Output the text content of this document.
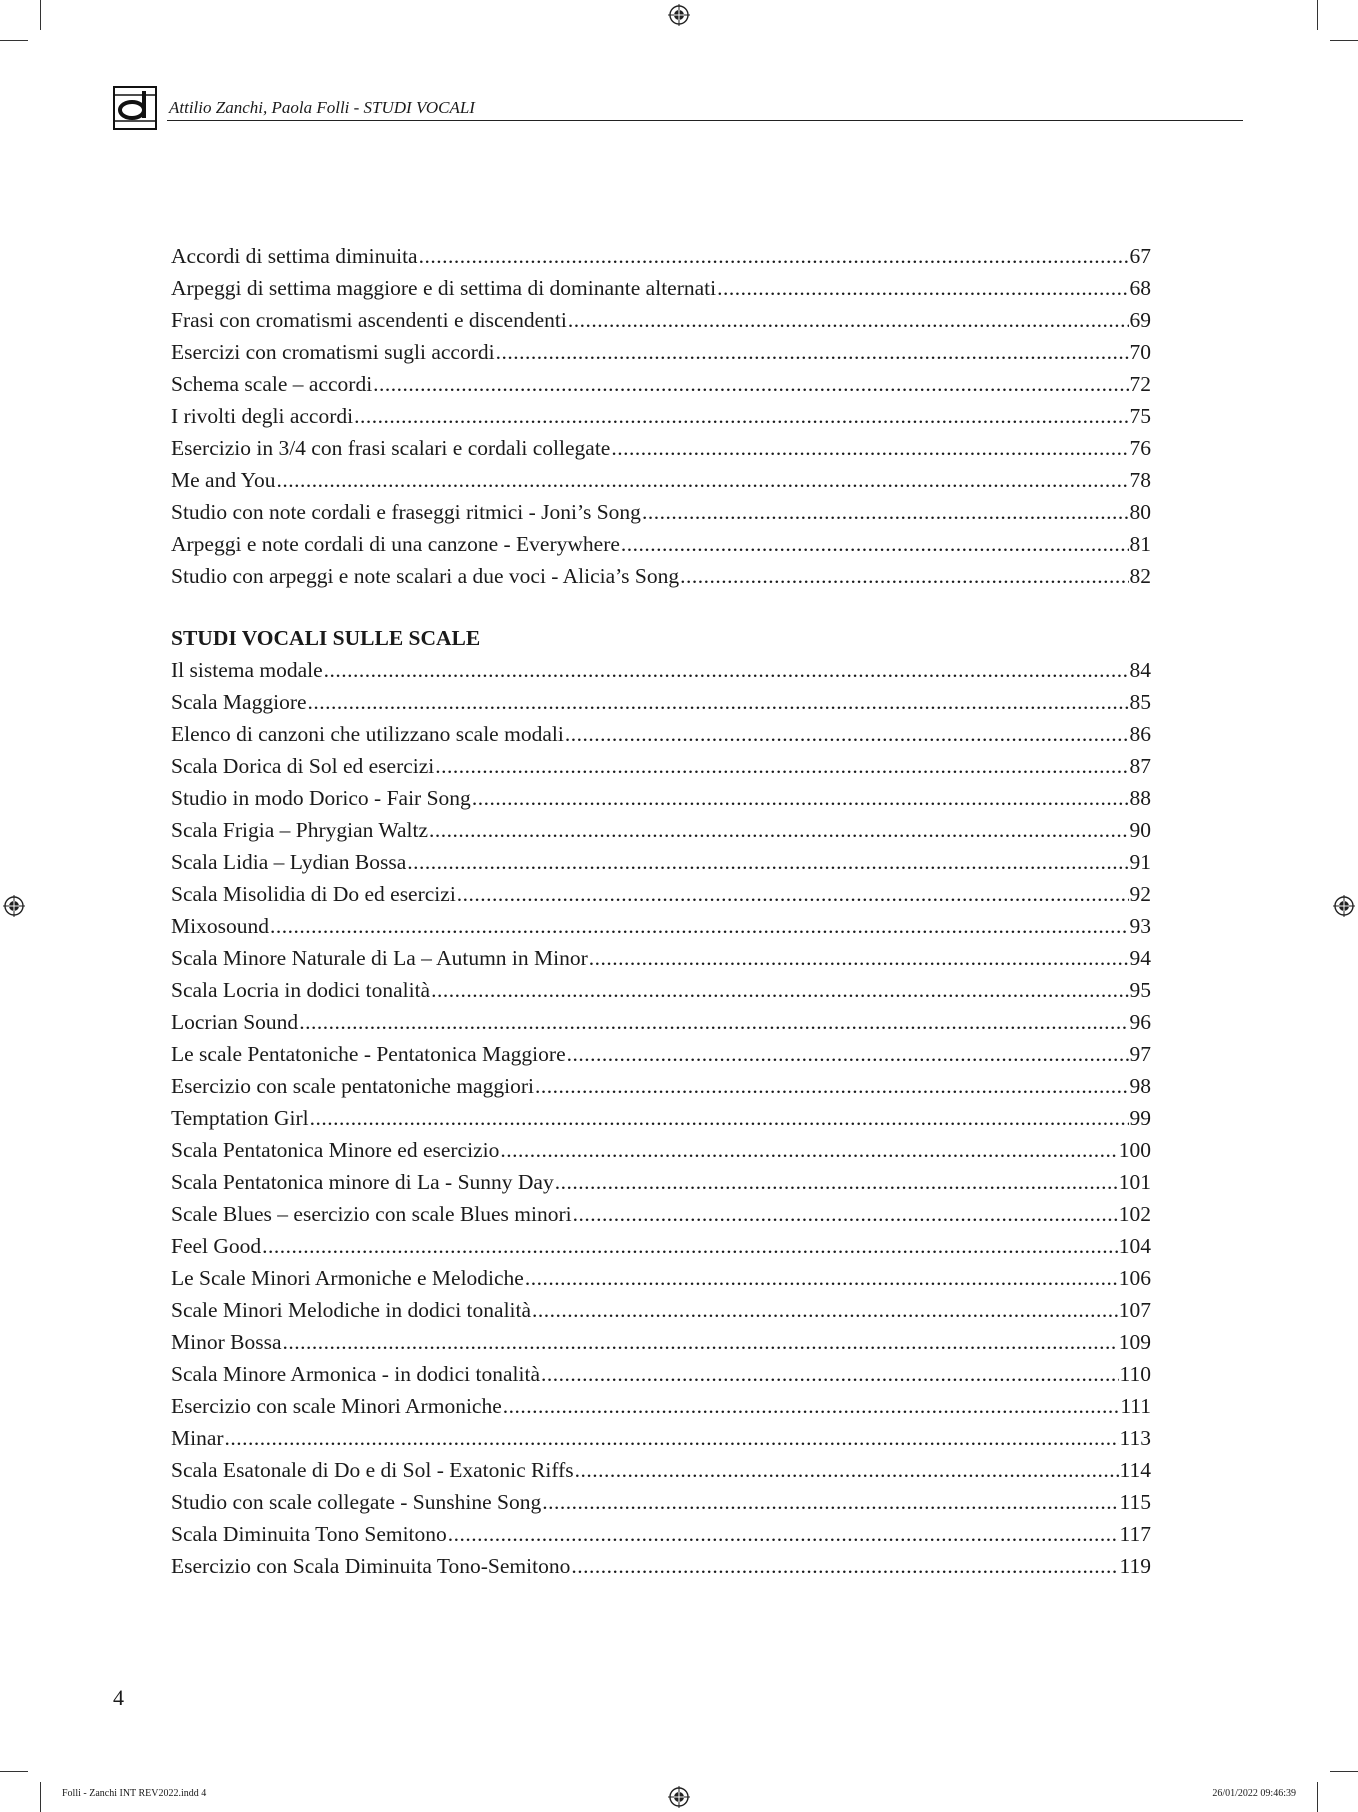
Attilio Zanchi, Paola Folli - STUDI VOCALI
Accordi di settima diminuita .....	67
Arpeggi di settima maggiore e di settima di dominante alternati .....	68
Frasi con cromatismi ascendenti e discendenti .....	69
Esercizi con cromatismi sugli accordi .....	70
Schema scale – accordi .....	72
I rivolti degli accordi .....	75
Esercizio in 3/4 con frasi scalari e cordali collegate .....	76
Me and You .....	78
Studio con note cordali e fraseggi ritmici - Joni’s Song .....	80
Arpeggi e note cordali di una canzone - Everywhere .....	81
Studio con arpeggi e note scalari a due voci - Alicia’s Song .....	82
STUDI VOCALI SULLE SCALE
Il sistema modale .....	84
Scala Maggiore .....	85
Elenco di canzoni che utilizzano scale modali .....	86
Scala Dorica di Sol ed esercizi .....	87
Studio in modo Dorico - Fair Song .....	88
Scala Frigia – Phrygian Waltz .....	90
Scala Lidia – Lydian Bossa .....	91
Scala Misolidia di Do ed esercizi .....	92
Mixosound .....	93
Scala Minore Naturale di La – Autumn in Minor .....	94
Scala Locria in dodici tonalità .....	95
Locrian Sound .....	96
Le scale Pentatoniche - Pentatonica Maggiore .....	97
Esercizio con scale pentatoniche maggiori .....	98
Temptation Girl .....	99
Scala Pentatonica Minore ed esercizio .....	100
Scala Pentatonica minore di La - Sunny Day .....	101
Scale Blues – esercizio con scale Blues minori .....	102
Feel Good .....	104
Le Scale Minori Armoniche e Melodiche .....	106
Scale Minori Melodiche in dodici tonalità .....	107
Minor Bossa .....	109
Scala Minore Armonica - in dodici tonalità .....	110
Esercizio con scale Minori Armoniche .....	111
Minar .....	113
Scala Esatonale di Do e di Sol - Exatonic Riffs .....	114
Studio con scale collegate - Sunshine Song .....	115
Scala Diminuita Tono Semitono .....	117
Esercizio con Scala Diminuita Tono-Semitono .....	119
4
Folli - Zanchi INT REV2022.indd 4	26/01/2022 09:46:39
